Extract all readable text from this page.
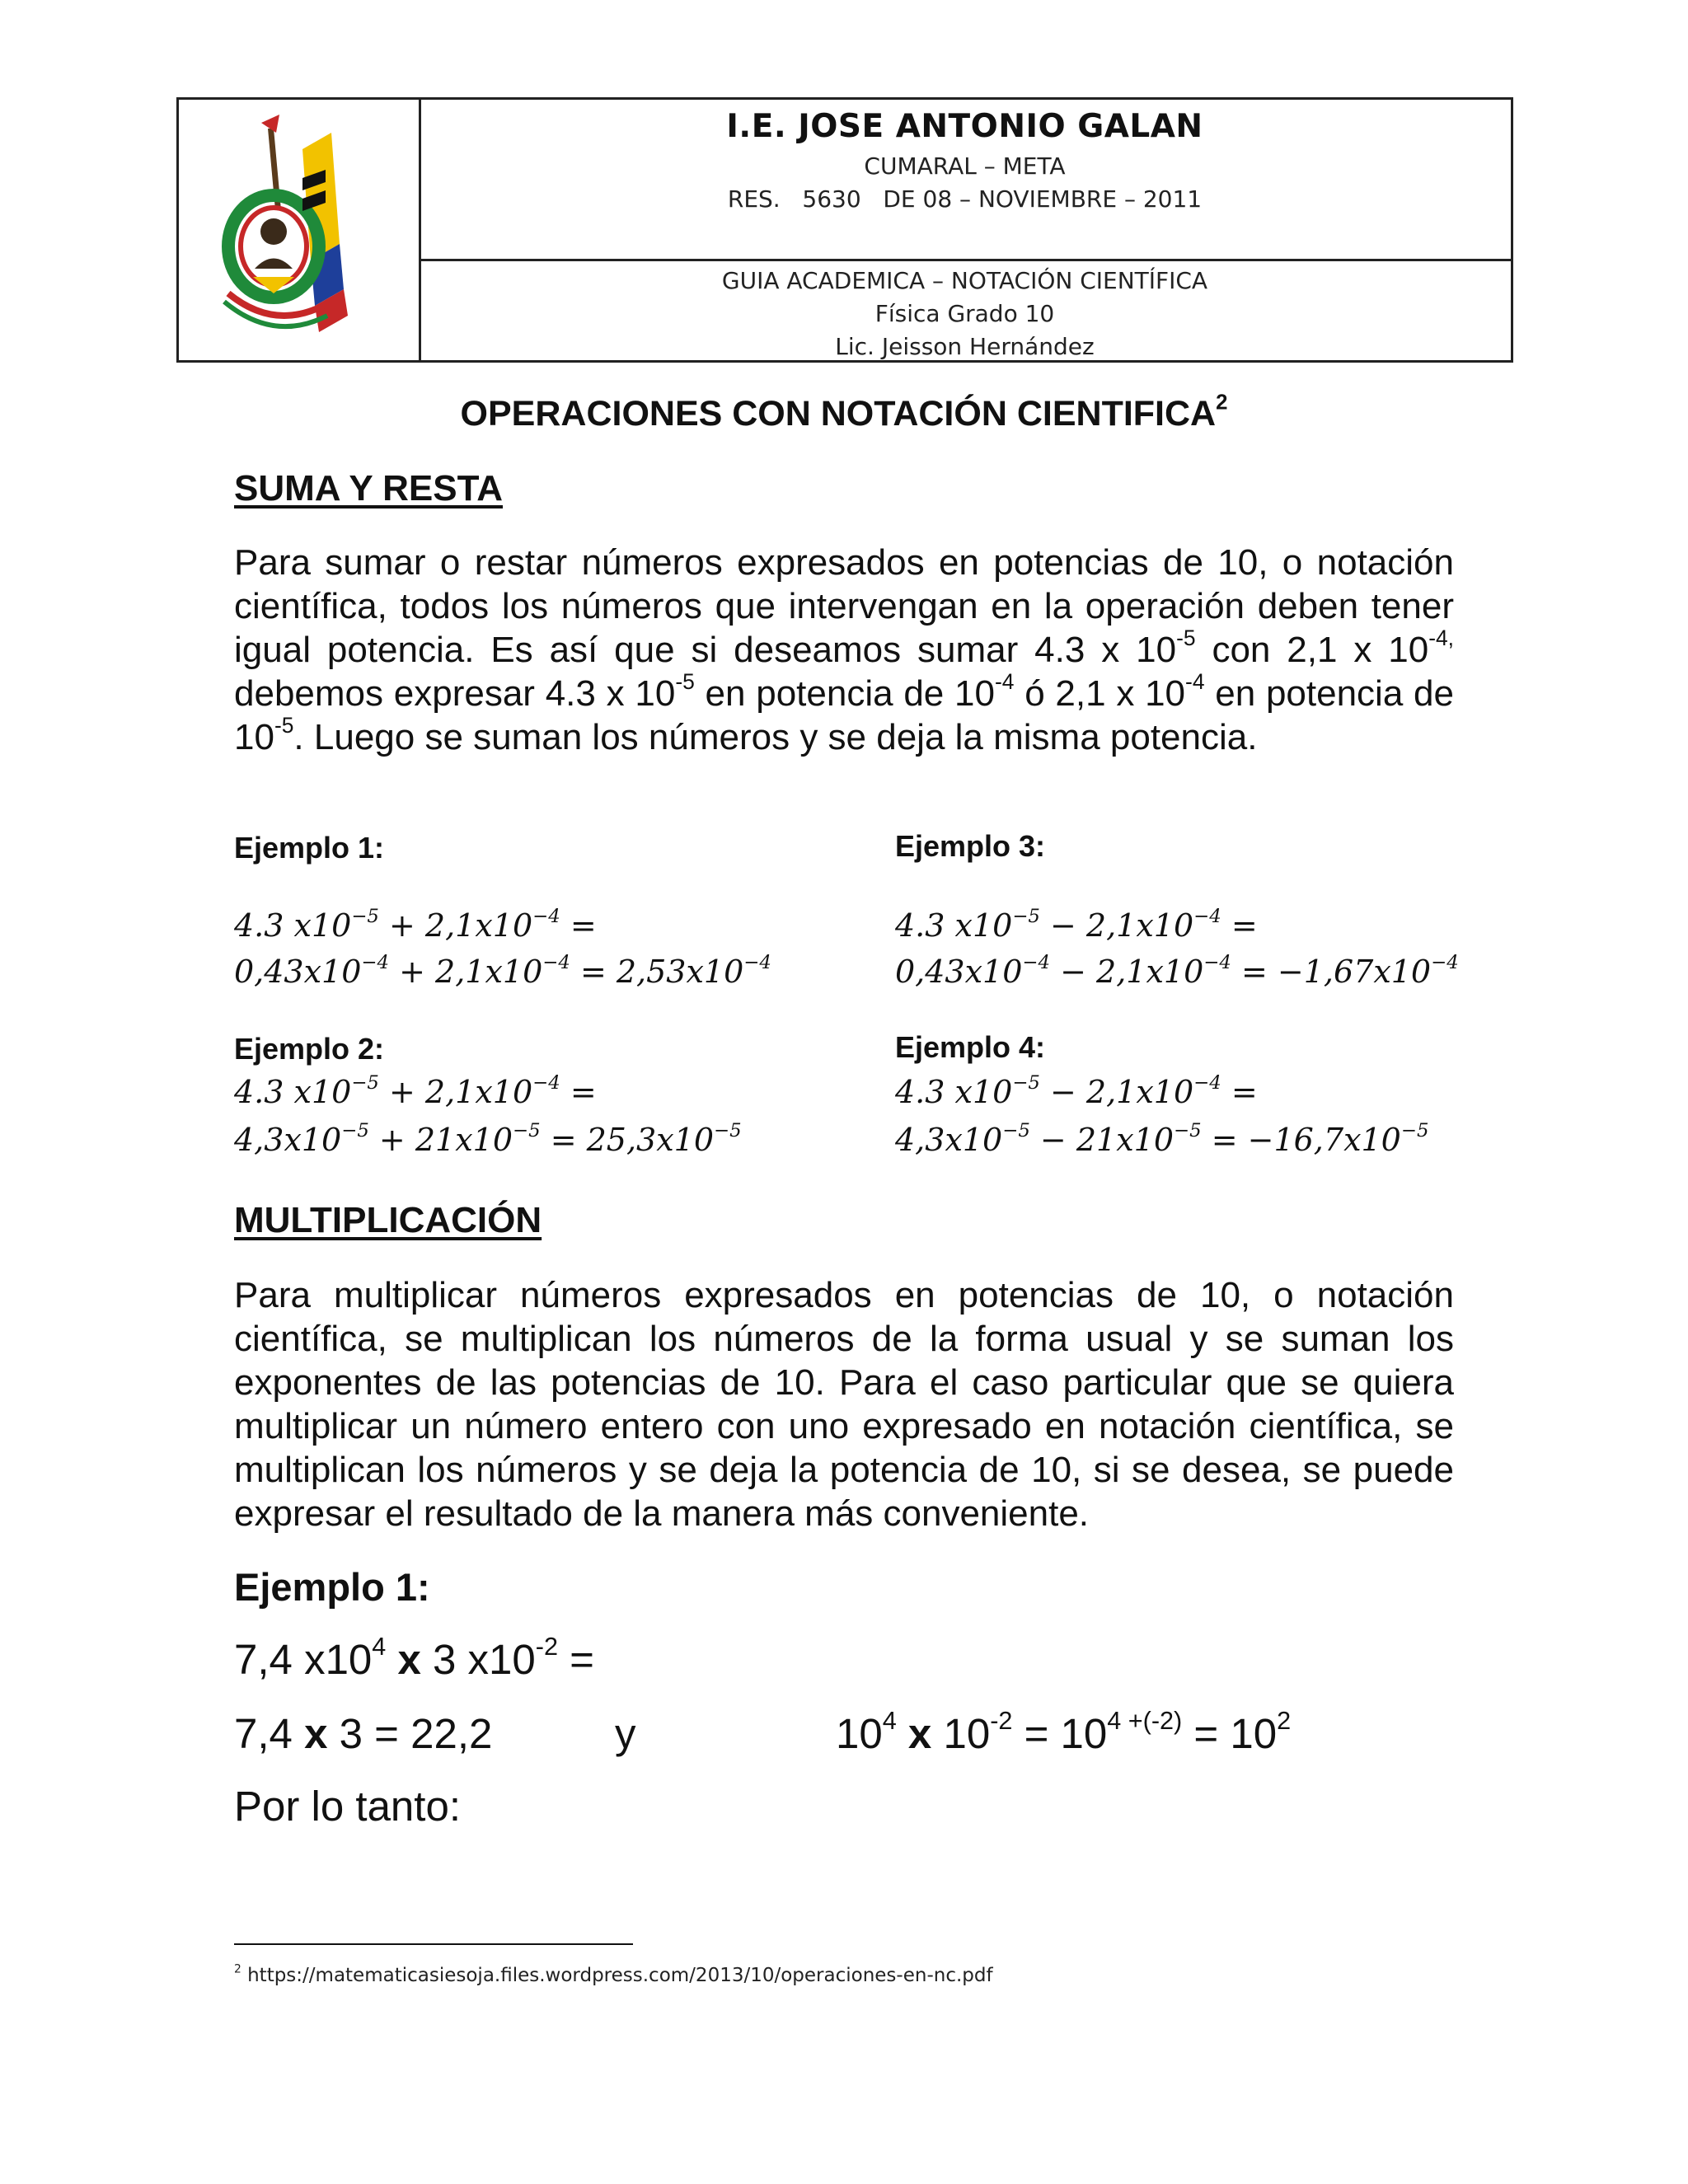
I.E. JOSE ANTONIO GALAN
CUMARAL – META
RES.   5630   DE 08 – NOVIEMBRE – 2011
GUIA ACADEMICA – NOTACIÓN CIENTÍFICA
Física Grado 10
Lic. Jeisson Hernández
OPERACIONES CON NOTACIÓN CIENTIFICA$^2$
SUMA Y RESTA

Para sumar o restar números expresados en potencias de 10, o notación científica, todos los números que intervengan en la operación deben tener igual potencia. Es así que si deseamos sumar 4.3 x $10^{-5}$ con 2,1 x $10^{-4,}$ debemos expresar 4.3 x $10^{-5}$ en potencia de $10^{-4}$ ó 2,1 x $10^{-4}$ en potencia de $10^{-5}$. Luego se suman los números y se deja la misma potencia.

Ejemplo 1:
4.3 $x10^{-5} + 2,1x10^{-4}$ =
$0,43x10^{-4} + 2,1x10^{-4} = 2,53x10^{-4}$
Ejemplo 2:
4.3 $x10^{-5} + 2,1x10^{-4}$ =
$4,3x10^{-5} + 21x10^{-5} = 25,3x10^{-5}$
Ejemplo 3:
4.3 $x10^{-5} - 2,1x10^{-4}$ =
$0,43x10^{-4} - 2,1x10^{-4} = -1,67x10^{-4}$
Ejemplo 4:
4.3 $x10^{-5} - 2,1x10^{-4}$ =
$4,3x10^{-5} - 21x10^{-5} = -16,7x10^{-5}$
MULTIPLICACIÓN

Para multiplicar números expresados en potencias de 10, o notación científica, se multiplican los números de la forma usual y se suman los exponentes de las potencias de 10. Para el caso particular que se quiera multiplicar un número entero con uno expresado en notación científica, se multiplican los números y se deja la potencia de 10, si se desea, se puede expresar el resultado de la manera más conveniente.

Ejemplo 1:
7,4 $x10^4$ x 3 $x10^{-2}$ =
7,4 x 3 = 22,2	y	$10^4$ x $10^{-2} = 10^{4 +(-2)} = 10^2$
Por lo tanto:
$^2$ https://matematicasiesoja.files.wordpress.com/2013/10/operaciones-en-nc.pdf
